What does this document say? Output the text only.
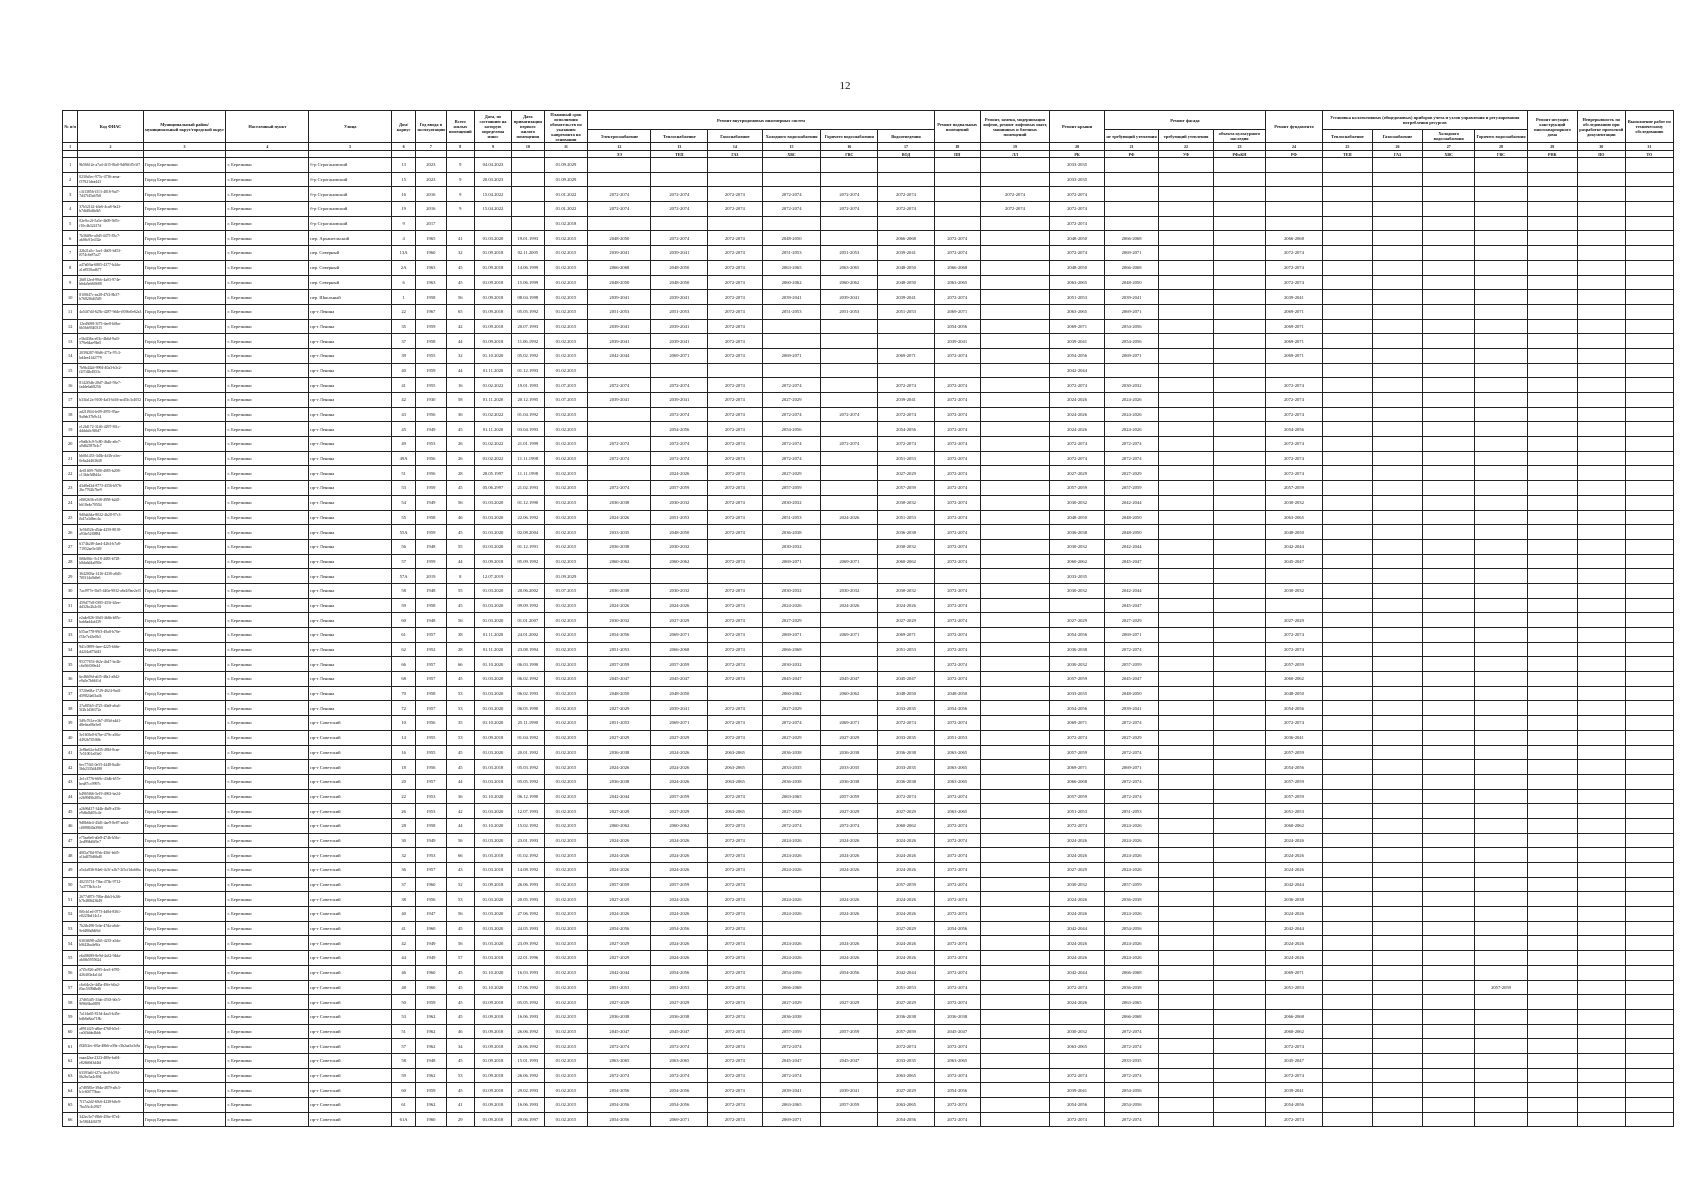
12
№ п/п	Код ФИАС	Муниципальный район/муниципальный округ/городской округ	Населенный пункт	Улица	Дом/корпус	Год ввода в эксплуатацию	Всего жилых помещений	Дата, по состоянию на которую определена износ	Дата приватизации первого жилого помещения	Плановый срок исполнения обязательств по указанию капремонта на основании	Ремонт внутридомовых инженерных систем						Ремонт подвальных помещений	Ремонт, замена, модернизация лифтов, ремонт лифтовых шахт, машинных и блочных помещений	Ремонт крыши	Ремонт фасада			Ремонт фундамента	Установка коллективных (общедомовых) приборов учета и узлов управления и регулирования потребления ресурсов				Ремонт несущих конструкций многоквартирного дома	Непрерывность по обследованию при разработке проектной документации	Выполнение работ по техническому обследованию
											Электроснабжение	Теплоснабжение	Газоснабжение	Холодного водоснабжения	Горячего водоснабжения	Водоотведения				не требующий утепления	требующий утепления	объекта культурного наследия		Теплоснабжение	Газоснабжение	Холодного водоснабжения	Горячего водоснабжения			
1	2	3	4	5	6	7	8	9	10	11	12	13	14	15	16	17	18	19	20	21	22	23	24	25	26	27	28	29	30	31
											ЭЭ	ТЕП	ГАЗ	ХВС	ГВС	ВОД	ПП	ЛЛ	РК	РФ	УФ	РФоКН	РФ	ТЕП	ГАЗ	ХВС	ГВС	РНК	ПО	ТО
1	9b56612e-a7a4-4f15-8fa0-9df9ffd7e3f7	Город Березники	г. Березники	б-р Строгановский	13	2023	9	04.04.2023		01.09.2029									2033-2035											
2	0230a5ec-975c-4736-aeaa-f57921dea443	Город Березники	г. Березники	б-р Строгановский	15	2023	9	20.03.2023		01.09.2029									2033-2035											
3	c3f13856-f313-4818-9af7-7d47f45ab7b8	Город Березники	г. Березники	б-р Строгановский	16	2016	9	15.04.2022		01.01.2022	2072-2074	2072-2074	2072-2074	2072-2074	2072-2074	2072-2074		2072-2074	2072-2074											
4	37b52142-b3e6-4ca8-9a23-b7dfd8a6bfb5	Город Березники	г. Березники	б-р Строгановский	19	2016	9	15.04.2022		01.01.2022	2072-2074	2072-2074	2072-2074	2072-2074	2072-2074	2072-2074		2072-2074	2072-2074											
5	02e9cc2f-5a5e-4b09-9d7e-f10c4b32417d	Город Березники	г. Березники	б-р Строгановский	9	2017				01.02.2018									2072-2074											
6	7b36ff9e-a0d3-4475-83c7-ab06c91e432e	Город Березники	г. Березники	пер. Архангельский	4	1965	41	01.03.2020	19.01.1993	01.02.2015	2048-2050	2072-2074	2072-2074	2048-2050		2066-2068	2072-2074		2048-2050	2066-2068			2066-2068							
7	22b21a5c-1ae1-4b05-b453-f074c6e87a27	Город Березники	г. Березники	пер. Северный	13А	1960	32	01.09.2018	02.11.2005	01.02.2015	2039-2041	2039-2041	2072-2074	2051-2053	2051-2053	2039-2041	2072-2074		2072-2074	2069-2071			2072-2074							
8	a47a0fba-6805-4377-b4da-a1e8550ad677	Город Березники	г. Березники	пер. Северный	2А	1963	45	01.09.2018	14.06.1999	01.02.2015	2066-2068	2048-2050	2072-2074	2063-2065	2063-2065	2048-2050	2066-2068		2048-2050	2066-2068			2072-2074							
9	26f012ed-99cb-4a03-974e-b6da5e660688	Город Березники	г. Березники	пер. Северный	6	1963	45	01.09.2018	15.06.1999	01.02.2015	2048-2050	2048-2050	2072-2074	2060-2062	2060-2062	2048-2050	2063-2065		2063-2065	2048-2050			2072-2074							
10	8108f47c-ea28-47f2-8b37-b7682f6d4549	Город Березники	г. Березники	пер. Школьный	1	1958	56	01.09.2018	08.04.1998	01.02.2015	2039-2041	2039-2041	2072-2074	2039-2041	2039-2041	2039-2041	2072-2074		2051-2053	2039-2041			2039-2041							
11	4a54f7d4-625b-4287-9d4e-ff0f6c0e62a3	Город Березники	г. Березники	пр-т Ленина	22	1967	65	01.09.2018	05.05.1992	01.02.2015	2051-2053	2051-2053	2072-2074	2051-2053	2051-2053	2051-2053	2069-2071		2063-2065	2069-2071			2069-2071							
12	12ed3698-3f75-4ee8-b0ba-6b5bb9340315	Город Березники	г. Березники	пр-т Ленина	35	1959	42	01.09.2018	20.07.1993	01.02.2015	2039-2041	2039-2041	2072-2074				2054-2056		2069-2071	2054-2056			2069-2071							
13	e3b4f36a-e03c-4b6d-9af3-579e64ae9be5	Город Березники	г. Березники	пр-т Ленина	37	1958	44	01.09.2018	11.06.1992	01.02.2015	2039-2041	2039-2041	2072-2074				2039-2041		2039-2041	2054-2056			2069-2071							
14	2039f287-90d6-477a-97c3-bd4ee41d2779	Город Березники	г. Березники	пр-т Ленина	39	1955	32	01.10.2020	05.02.1992	01.02.2015	2042-2044	2069-2071	2072-2074	2069-2071		2069-2071	2072-2074		2054-2056	2069-2071			2069-2071							
15	7b9b442d-9994-40a3-b3c2-f2f7d2b4053c	Город Березники	г. Березники	пр-т Ленина	40	1959	44	01.11.2020	01.12.1993	01.02.2015									2042-2044											
16	8142f5db-28d7-4ba5-93e7-fadde6a68256	Город Березники	г. Березники	пр-т Ленина	41	1955	16	01.02.2022	19.01.1993	01.07.2015	2072-2074	2072-2074	2072-2074	2072-2074		2072-2074	2072-2074		2072-2074	2030-2032			2072-2074							
17	b33fa12a-9100-4af3-bf46-acd5fc3c4052	Город Березники	г. Березники	пр-т Ленина	42	1930	58	01.11.2020	20.12.1995	01.07.2015	2039-2041	2039-2041	2072-2074	2027-2029		2039-2041	2072-2074		2024-2026	2024-2026			2072-2074							
18	ad21f944-fe09-4976-95ae-9a0eb37b9c14	Город Березники	г. Березники	пр-т Ленина	43	1956	36	01.02.2022	01.04.1992	01.02.2015		2072-2074	2072-2074	2072-2074	2072-2074	2072-2074	2072-2074		2024-2026	2024-2026			2072-2074							
19	e12fd172-3146-4297-8f1c-dddda5c9f0d7	Город Березники	г. Березники	пр-т Ленина	45	1949	45	01.11.2020	03.04.1993	01.02.2015		2054-2056	2072-2074	2054-2056		2054-2056	2072-2074		2024-2026	2024-2026			2054-2056							
20	e9a6b3c9-5c80-4b4b-a6e7-a0d62587b4c7	Город Березники	г. Березники	пр-т Ленина	49	1953	26	01.02.2022	21.01.1999	01.02.2015	2072-2074	2072-2074	2072-2074	2072-2074	2072-2074	2072-2074	2072-2074		2072-2074	2072-2074			2072-2074							
21	bb0b1453-3d3b-4d1b-a3ec-0e6a2d463648	Город Березники	г. Березники	пр-т Ленина	49А	1956	26	01.02.2022	11.11.1998	01.02.2015	2072-2074	2072-2074	2072-2074	2072-2074		2051-2053	2072-2074		2072-2074	2072-2074			2072-2074							
22	4e01ff09-7680-4085-b208-c13bfe5d8d4a	Город Березники	г. Березники	пр-т Ленина	51	1956	28	28.05.1997	11.11.1998	01.02.2015		2024-2026	2072-2074	2027-2029		2027-2029	2072-2074		2027-2029	2027-2029			2072-2074							
23	d3d8e43d-8773-4556-b976-2bc7762b7be9	Город Березники	г. Березники	пр-т Ленина	53	1959	45	05.06.2997	21.02.1993	01.02.2015	2072-2074	2057-2059	2072-2074	2057-2059		2057-2059	2072-2074		2057-2059	2057-2059			2057-2059							
24	e8f02636-e5f8-4958-b2d5-b618e4e70504	Город Березники	г. Березники	пр-т Ленина	54	1949	56	01.03.2020	01.12.1990	01.02.2015	2036-2038	2030-2032	2072-2074	2030-2032		2030-2032	2072-2074		2030-2032	2042-2044			2030-2032							
25	9d0ab3da-8022-4b28-97c3-fb47a3d6ec4a	Город Березники	г. Березники	пр-т Ленина	55	1958	46	01.03.2020	22.06.1992	01.02.2015	2024-2026	2051-2053	2072-2074	2051-2053	2024-2026	2051-2053	2072-2074		2048-2050	2048-2050			2063-2065							
26	3e56f52b-d5da-4250-8018-a93fe52f0884	Город Березники	г. Березники	пр-т Ленина	55А	1959	45	01.03.2020	02.08.2004	01.02.2015	2033-2035	2048-2050	2072-2074	2036-2038		2036-2038	2072-2074		2036-2038	2048-2050			2048-2050							
27	6174b2f8-4ae4-4264-b7a8-71952ae5e349	Город Березники	г. Березники	пр-т Ленина	56	1948	55	01.03.2020	01.12.1991	01.02.2015	2036-2038	2030-2032		2030-2032		2030-2032	2072-2074		2030-2032	2042-2044			2042-2044							
28	0f6b06fc-5c18-4483-b728-b8da6d4a090e	Город Березники	г. Березники	пр-т Ленина	57	1959	44	01.09.2018	05.09.1992	01.02.2015	2060-2062	2060-2062	2072-2074	2069-2071	2069-2071	2060-2062	2072-2074		2060-2062	2045-2047			2045-2047							
29	3642003a-1416-4230-a8d3-7f0314a9dfe6	Город Березники	г. Березники	пр-т Ленина	57А	2019	8	12.07.2019		01.09.2029									2033-2035											
30	7acf977e-5bf5-440a-9032-a6e2f9ae2ef3	Город Березники	г. Березники	пр-т Ленина	58	1948	55	01.03.2020	20.06.2002	01.07.2015	2036-2038	2030-2032	2072-2074	2030-2032	2030-2032	2030-2032	2072-2074		2030-2032	2042-2044			2030-2032							
31	459d77e8-0395-455f-b5ee-dd32bc2b2c0f	Город Березники	г. Березники	пр-т Ленина	59	1958	45	01.03.2020	09.09.1992	01.02.2015	2024-2026	2024-2026	2072-2074	2024-2026	2024-2026	2024-2026	2072-2074			2045-2047										
32	e2a4e826-30d3-4b6b-b85c-bab6ad4af439	Город Березники	г. Березники	пр-т Ленина	60	1948	56	01.03.2020	01.01.2007	01.02.2015	2030-2032	2027-2029	2072-2074	2027-2029		2027-2029	2072-2074		2027-2029	2027-2029			2027-2029							
33	b55ae778-99f3-49a8-b76e-f53e7e43e0b3	Город Березники	г. Березники	пр-т Ленина	61	1957	38	01.11.2020	24.01.2002	01.02.2015	2054-2056	2069-2071	2072-2074	2069-2071	2069-2071	2069-2071	2072-2074		2054-2056	2069-2071			2072-2074							
34	9d1c9899-faee-4225-b66e-d42f4a873d43	Город Березники	г. Березники	пр-т Ленина	62	1952	28	01.11.2020	23.08.1994	01.02.2015	2051-2053	2066-2068	2072-2074	2066-2068		2051-2053	2072-2074		2036-2038	2072-2074			2072-2074							
35	9537767d-f62e-4b47-bc4b-c6e56f0f0e44	Город Березники	г. Березники	пр-т Ленина	66	1957	66	01.10.2020	06.03.1990	01.02.2015	2057-2059	2057-2059	2072-2074	2030-2032			2072-2074		2030-2032	2057-2059			2057-2059							
36	6e466f9d-a6f5-48a1-a8d2-e9a5e7b66f1d	Город Березники	г. Березники	пр-т Ленина	68	1957	45	01.03.2020	06.02.1992	01.02.2015	2045-2047	2045-2047	2072-2074	2045-2047	2045-2047	2045-2047	2072-2074		2057-2059	2045-2047			2060-2062							
37	5720e68a-1729-4624-9ad1-d59824a63a4b	Город Березники	г. Березники	пр-т Ленина	70	1958	53	01.03.2020	06.02.1993	01.02.2015	2048-2050	2048-2050		2060-2062	2060-2062	2048-2050	2048-2050		2033-2035	2048-2050			2048-2050							
38	27a8f5b5-4725-40a8-a6a4-5f2b1d36372e	Город Березники	г. Березники	пр-т Ленина	72	1957	53	01.03.2020	06.05.1990	01.02.2015	2027-2029	2039-2041	2072-2074	2027-2029		2033-2035	2054-2056		2054-2056	2039-2041			2054-2056							
39	5d9c761a-e3b7-493d-a4d1-d8e6ea06e3e0	Город Березники	г. Березники	пр-т Советский	10	1956	35	01.10.2020	25.11.1990	01.02.2015	2051-2053	2069-2071	2072-2074	2072-2074	2069-2071	2072-2074	2072-2074		2069-2071	2072-2074			2072-2074							
40	5e1603e0-67be-479c-a56a-d492b745f68c	Город Березники	г. Березники	пр-т Советский	14	1955	53	01.09.2018	01.04.1992	01.02.2015	2027-2029	2027-2029	2072-2074	2027-2029	2027-2029	2033-2035	2051-2053		2072-2074	2027-2029			2036-2041							
41	2e8be62a-bd35-486f-8cae-7e51001a03e0	Город Березники	г. Березники	пр-т Советский	16	1955	45	01.03.2020	20.01.1992	01.02.2015	2036-2038	2024-2026	2063-2065	2036-2038	2036-2038	2036-2038	2063-2065		2057-2059	2072-2074			2057-2059							
42	6ec77fb5-0e55-4448-8a4b-5bb2335d4498	Город Березники	г. Березники	пр-т Советский	18	1956	45	01.03.2018	05.03.1992	01.02.2015	2024-2026	2024-2026	2063-2065	2033-2035	2033-2035	2033-2035	2063-2065		2069-2071	2069-2071			2054-2056							
43	2e1c3776-669c-43db-b57e-bea87cc9997c	Город Березники	г. Березники	пр-т Советский	20	1957	44	01.03.2018	05.05.1992	01.02.2015	2036-2038	2024-2026	2063-2065	2036-2038	2036-2038	2036-2038	2063-2065		2066-2068	2072-2074			2057-2059							
44	b4965f66-5e19-4963-be24-e2b9949b205a	Город Березники	г. Березники	пр-т Советский	22	1953	36	01.10.2020	06.12.1990	01.02.2015	2042-2044	2057-2059	2072-2074	2063-2065	2057-2059	2072-2074	2072-2074		2057-2059	2072-2074			2057-2059							
45	a2b96437-344b-4bf8-a356-e9d6d3d05c4e	Город Березники	г. Березники	пр-т Советский	26	1953	42	01.03.2020	12.07.1993	01.02.2015	2027-2029	2027-2029	2063-2065	2027-2029	2027-2029	2027-2029	2063-2065		2051-2053	2051-2053			2051-2053							
46	9d8b6fe4-43d3-4ae9-8e87-aeb4-cf088840a3960	Город Березники	г. Березники	пр-т Советский	28	1958	44	01.10.2020	15.02.1992	01.02.2015	2060-2062	2060-2062	2072-2074	2072-2074	2072-2074	2060-2062	2072-2074		2072-2074	2024-2026			2060-2062							
47	e75ea6e6-a0e8-474b-b5bc-2ed994d6f9e7	Город Березники	г. Березники	пр-т Советский	30	1949	56	01.03.2020	23.01.1993	01.02.2015	2024-2026	2024-2026	2072-2074	2024-2026	2024-2026	2024-2026	2072-2074		2024-2026	2024-2026			2024-2026							
48	d0f5a78d-97eb-456f-b6f5-a1bd476d6bd0	Город Березники	г. Березники	пр-т Советский	32	1953	66	01.03.2018	01.02.1992	01.02.2015	2024-2026	2024-2026	2072-2074	2024-2026	2024-2026	2024-2026	2072-2074		2024-2026	2024-2026			2024-2026							
49	a5a1a836-84e6-4c5f-a1b7-2f5cf1da6f6a	Город Березники	г. Березники	пр-т Советский	36	1957	43	01.03.2018	14.08.1992	01.02.2015	2024-2026	2024-2026	2072-2074	2024-2026	2024-2026	2024-2026	2072-2074		2027-2029	2024-2026			2024-2026							
50	40235714-7fba-473b-9712-7a3773b3cc1e	Город Березники	г. Березники	пр-т Советский	37	1960	52	01.09.2018	26.06.1993	01.02.2015	2057-2059	2057-2059	2072-2074			2057-2059	2072-2074		2030-2032	2057-2059			2042-2044							
51	2677d873-769a-4bb3-b2f6-b7b480b23649	Город Березники	г. Березники	пр-т Советский	38	1956	53	01.03.2020	20.05.1993	01.02.2015	2027-2029	2024-2026	2072-2074	2024-2026	2024-2026	2024-2026	2072-2074		2024-2026	2036-2038			2036-2038							
52	0f0cb1ed-0773-4d8d-8361-e8223bd14c1e	Город Березники	г. Березники	пр-т Советский	40	1947	56	01.03.2020	27.06.1992	01.02.2015	2024-2026	2024-2026	2072-2074	2024-2026	2024-2026	2024-2026	2072-2074		2024-2026	2024-2026			2024-2026							
53	7b2fb498-5c6e-47da-a6cb-9efd80a8df6d	Город Березники	г. Березники	пр-т Советский	41	1960	45	01.03.2020	24.05.1993	01.02.2015	2054-2056	2054-2056	2072-2074			2027-2029	2054-2056		2042-2044	2054-2056			2042-2044							
54	6303f698-a2b5-4235-a5da-b9f42ba4e9fa	Город Березники	г. Березники	пр-т Советский	42	1949	56	01.03.2020	23.09.1992	01.02.2015	2027-2029	2024-2026	2072-2074	2024-2026	2024-2026	2024-2026	2072-2074		2024-2026	2024-2026			2024-2026							
55	e6a58689-8e9d-4a32-94da-ab0fb5955624	Город Березники	г. Березники	пр-т Советский	44	1949	57	01.03.2018	22.01.1996	01.02.2015	2027-2029	2024-2026	2072-2074	2024-2026	2024-2026	2024-2026	2072-2074		2024-2026	2024-2026			2024-2026							
56	a7f5c826-a095-4ee3-b785-d26403e4a14d	Город Березники	г. Березники	пр-т Советский	46	1960	45	01.10.2020	16.03.1993	01.02.2015	2042-2044	2054-2056	2072-2074	2054-2056	2054-2056	2042-2044	2072-2074		2042-2044	2066-2068			2069-2071							
57	c6c64e2e-4d5a-49fe-b0a2-f0ac5309dbd6	Город Березники	г. Березники	пр-т Советский	48	1960	45	01.10.2020	17.06.1992	01.02.2015	2051-2053	2051-2053	2072-2074	2066-2068		2051-2053	2072-2074		2072-2074	2036-2038			2051-2053				2057-2059			
58	27d654f5-33ab-47d3-b0c5-9f96f6ba0891	Город Березники	г. Березники	пр-т Советский	50	1959	45	01.09.2018	05.05.1992	01.02.2015	2027-2029	2027-2029	2072-2074	2027-2029	2027-2029	2027-2029	2072-2074		2024-2026	2063-2065										
59	7a1f4a65-813d-4aa3-b45e-bdb6e8aa718b	Город Березники	г. Березники	пр-т Советский	53	1962	45	01.09.2018	16.06.1993	01.02.2015	2036-2038	2036-2038	2072-2074	2036-2038		2036-2038	2036-2038			2066-2068			2066-2068							
60	a8914f25-a8be-4768-b5e1-ca0f3dde4bbb	Город Березники	г. Березники	пр-т Советский	51	1962	46	01.09.2018	26.06.1992	01.02.2015	2045-2047	2045-2047	2072-2074	2057-2059	2057-2059	2057-2059	2045-2047		2030-2032	2072-2074			2060-2062							
61	f820f2ec-ff6a-48b6-a39a-c3b2aa5a3c8a	Город Березники	г. Березники	пр-т Советский	57	1962	34	01.09.2018	26.06.1992	01.02.2015	2072-2074	2072-2074	2072-2074	2072-2074		2072-2074	2072-2074		2063-2065	2072-2074			2072-2074							
62	eaaa42ea-2323-480e-ba94-e826b9d3d4fd	Город Березники	г. Березники	пр-т Советский	58	1948	45	01.09.2018	15.01.1993	01.02.2015	2063-2065	2063-2065	2072-2074	2045-2047	2045-2047	2033-2035	2063-2065			2033-2035			2045-2047							
63	63393a0f-f27a-4ec0-b594-0b2bc5a4c694	Город Березники	г. Березники	пр-т Советский	59	1962	53	01.09.2018	26.06.1992	01.02.2015	2072-2074	2072-2074	2072-2074	2072-2074		2063-2065	2072-2074		2072-2074	2072-2074			2072-2074							
64	a7d9585e-39da-4879-a8c5-b1c60f775bac	Город Березники	г. Березники	пр-т Советский	60	1959	45	01.09.2018	29.02.1993	01.02.2015	2054-2056	2054-2056	2072-2074	2039-2041	2039-2041	2027-2029	2054-2056		2039-2041	2054-2056			2039-2041							
65	7f17a2d2-69c6-4238-b0e0-7ba53c4c0927	Город Березники	г. Березники	пр-т Советский	61	1962	41	01.09.2018	16.06.1993	01.02.2015	2054-2056	2054-2056	2072-2074	2063-2065	2057-2059	2063-2065	2072-2074		2054-2056	2054-2056			2054-2056							
66	342ec5e7-f8b6-456e-87e4-3e58444f6370	Город Березники	г. Березники	пр-т Советский	61А	1960	29	01.09.2018	29.06.1997	01.02.2015	2054-2056	2069-2071	2072-2074	2069-2071		2054-2056	2072-2074		2072-2074	2072-2074			2072-2074							
